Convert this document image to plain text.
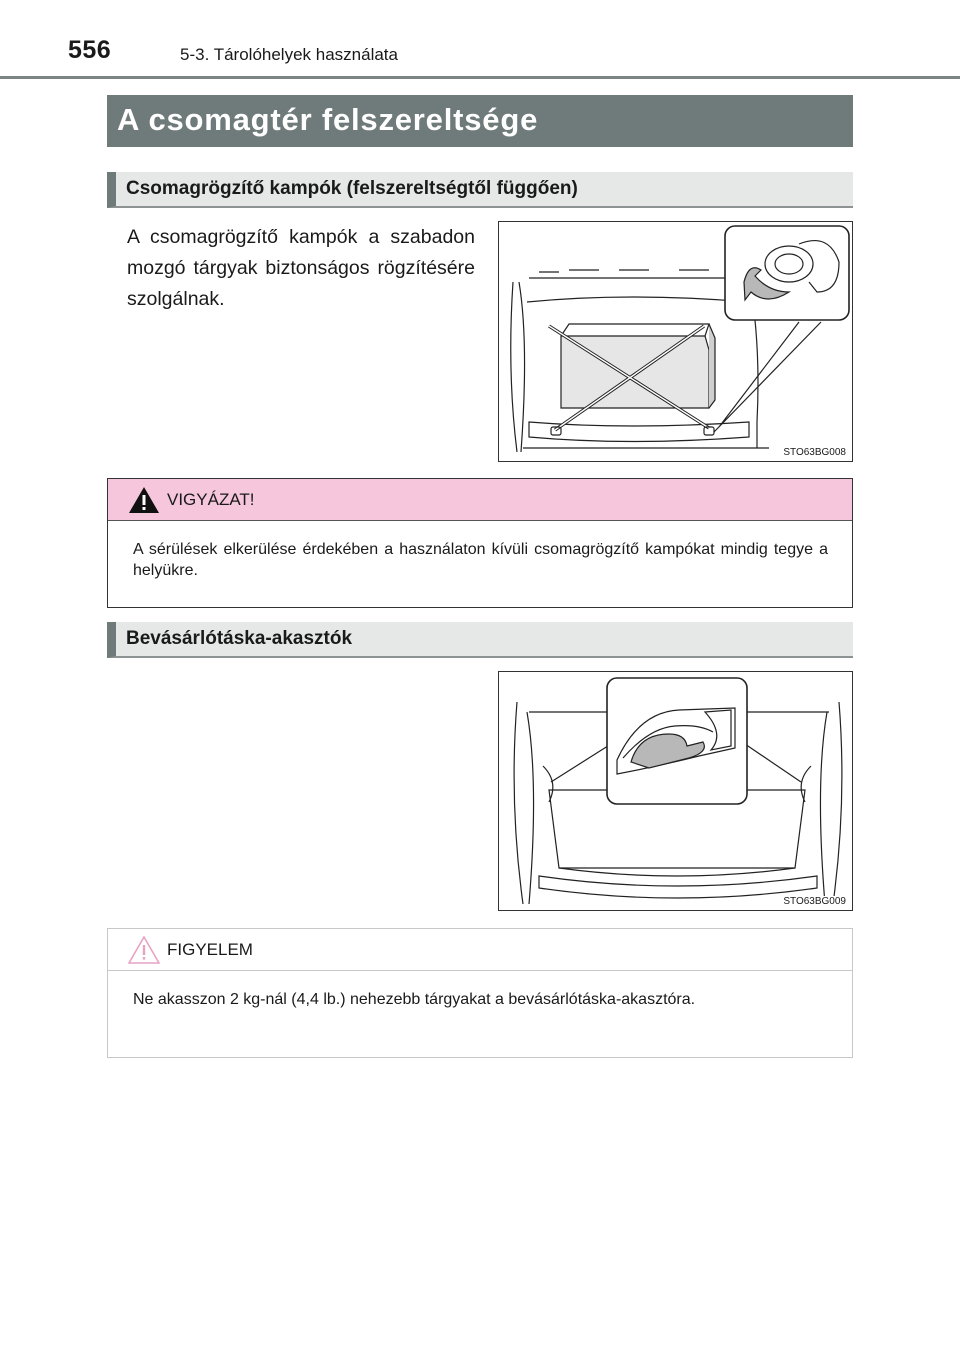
556	5-3. Tárolóhelyek használata
A csomagtér felszereltsége
Csomagrögzítő kampók (felszereltségtől függően)
A csomagrögzítő kampók a szabadon mozgó tárgyak biztonságos rögzítésére szolgálnak.
STO63BG008
VIGYÁZAT!
A sérülések elkerülése érdekében a használaton kívüli csomagrögzítő kampókat mindig tegye a helyükre.
Bevásárlótáska-akasztók
STO63BG009
FIGYELEM
Ne akasszon 2 kg-nál (4,4 lb.) nehezebb tárgyakat a bevásárlótáska-akasztóra.
